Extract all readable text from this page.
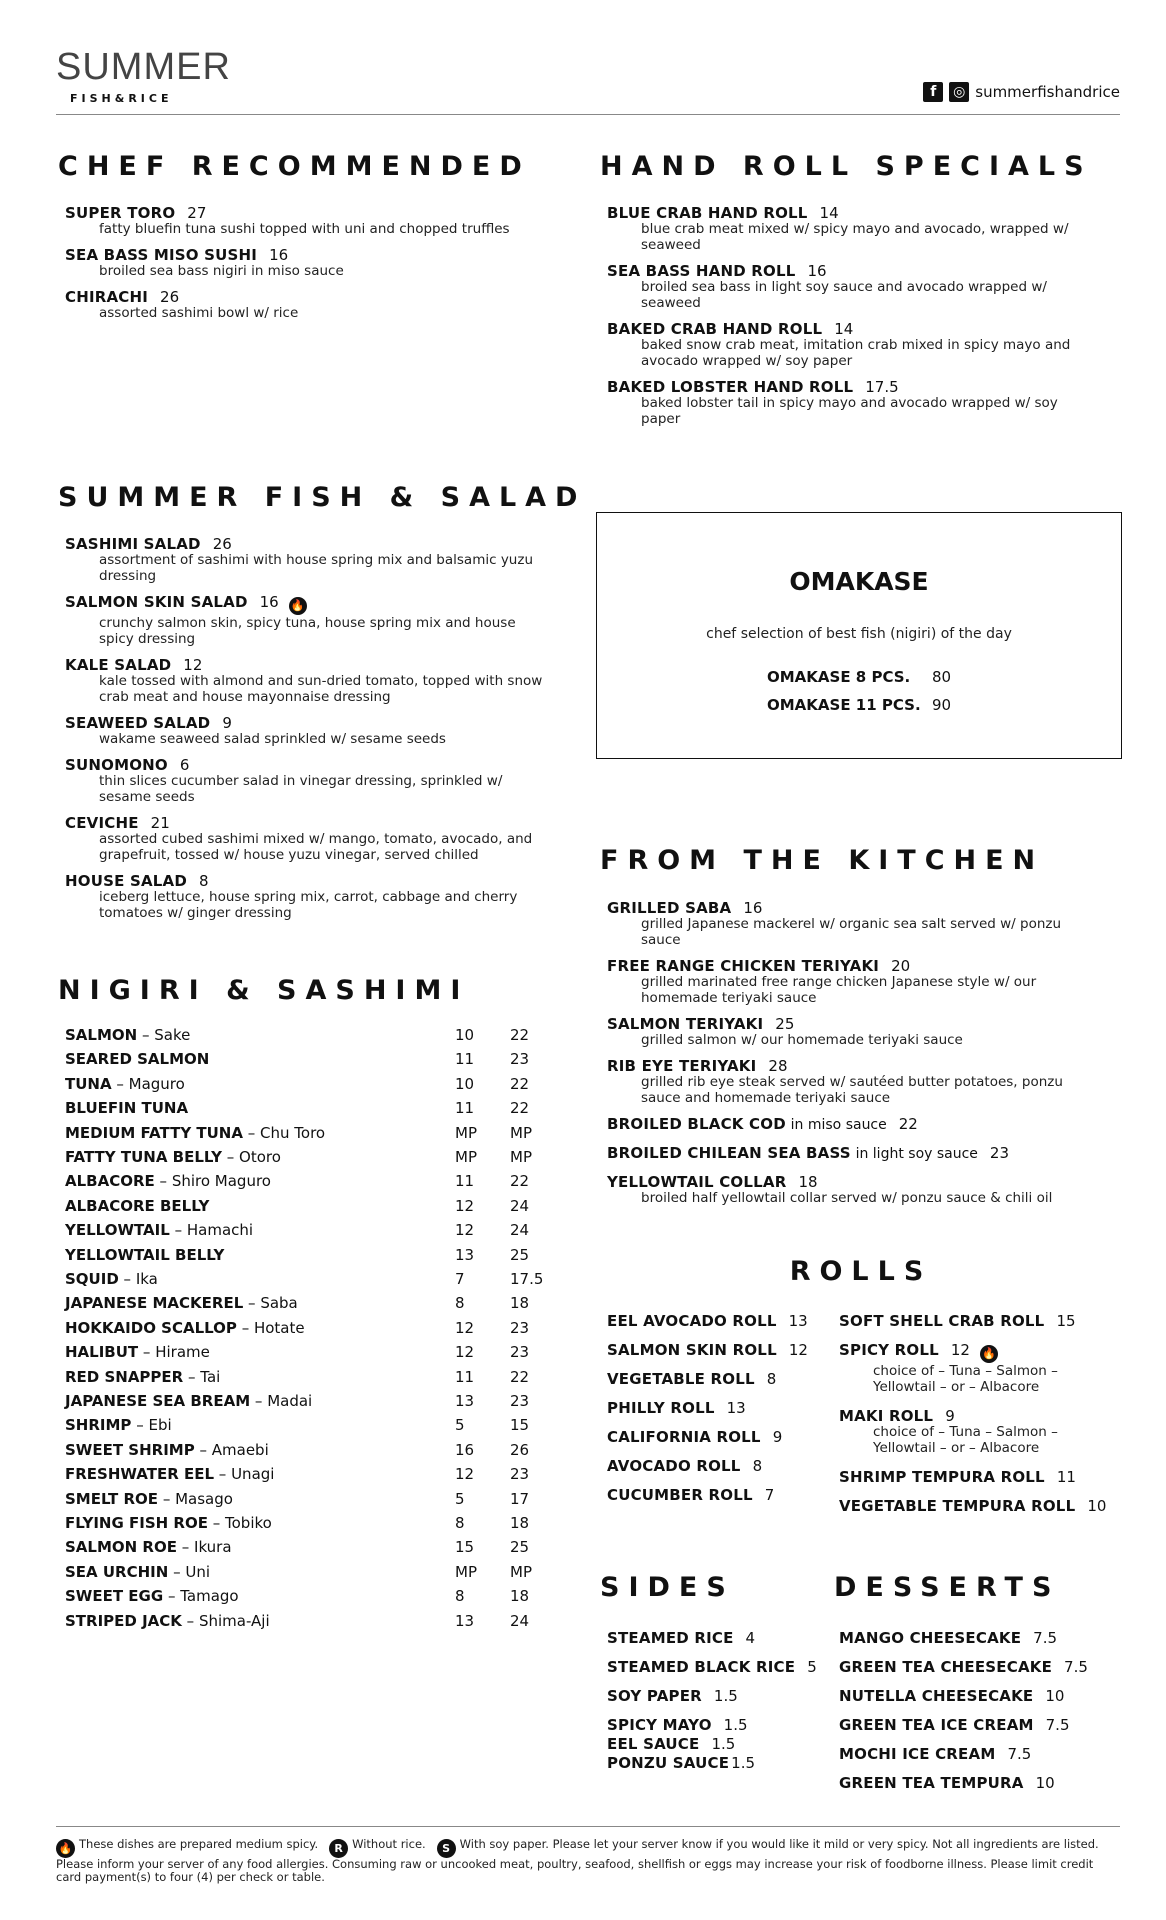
SUMMER
FISH&RICE	f	◎ summerfishandrice
CHEF RECOMMENDED
SUPER TORO 27
fatty bluefin tuna sushi topped with uni and chopped truffles
SEA BASS MISO SUSHI 16
broiled sea bass nigiri in miso sauce
CHIRACHI 26
assorted sashimi bowl w/ rice
HAND ROLL SPECIALS
BLUE CRAB HAND ROLL 14
blue crab meat mixed w/ spicy mayo and avocado, wrapped w/ seaweed
SEA BASS HAND ROLL 16
broiled sea bass in light soy sauce and avocado wrapped w/ seaweed
BAKED CRAB HAND ROLL 14
baked snow crab meat, imitation crab mixed in spicy mayo and avocado wrapped w/ soy paper
BAKED LOBSTER HAND ROLL 17.5
baked lobster tail in spicy mayo and avocado wrapped w/ soy paper
SUMMER FISH & SALAD
SASHIMI SALAD 26
assortment of sashimi with house spring mix and balsamic yuzu dressing
SALMON SKIN SALAD 16 🔥
crunchy salmon skin, spicy tuna, house spring mix and house spicy dressing
KALE SALAD 12
kale tossed with almond and sun-dried tomato, topped with snow crab meat and house mayonnaise dressing
SEAWEED SALAD 9
wakame seaweed salad sprinkled w/ sesame seeds
SUNOMONO 6
thin slices cucumber salad in vinegar dressing, sprinkled w/ sesame seeds
CEVICHE 21
assorted cubed sashimi mixed w/ mango, tomato, avocado, and grapefruit, tossed w/ house yuzu vinegar, served chilled
HOUSE SALAD 8
iceberg lettuce, house spring mix, carrot, cabbage and cherry tomatoes w/ ginger dressing
OMAKASE
chef selection of best fish (nigiri) of the day
OMAKASE 8 PCS. 80
OMAKASE 11 PCS. 90
NIGIRI & SASHIMI
SALMON – Sake	10 22
SEARED SALMON	11 23
TUNA – Maguro	10 22
BLUEFIN TUNA	11 22
MEDIUM FATTY TUNA – Chu Toro	MP MP
FATTY TUNA BELLY – Otoro	MP MP
ALBACORE – Shiro Maguro	11 22
ALBACORE BELLY	12 24
YELLOWTAIL – Hamachi	12 24
YELLOWTAIL BELLY	13 25
SQUID – Ika	7	17.5
JAPANESE MACKEREL – Saba	8	18
HOKKAIDO SCALLOP – Hotate	12 23
HALIBUT – Hirame	12 23
RED SNAPPER – Tai	11 22
JAPANESE SEA BREAM – Madai	13 23
SHRIMP – Ebi	5	15
SWEET SHRIMP – Amaebi	16 26
FRESHWATER EEL – Unagi	12 23
SMELT ROE – Masago	5	17
FLYING FISH ROE – Tobiko	8	18
SALMON ROE – Ikura	15 25
SEA URCHIN – Uni	MP MP
SWEET EGG – Tamago	8	18
STRIPED JACK – Shima-Aji	13 24
FROM THE KITCHEN
GRILLED SABA 16
grilled Japanese mackerel w/ organic sea salt served w/ ponzu sauce
FREE RANGE CHICKEN TERIYAKI 20
grilled marinated free range chicken Japanese style w/ our homemade teriyaki sauce
SALMON TERIYAKI 25
grilled salmon w/ our homemade teriyaki sauce
RIB EYE TERIYAKI 28
grilled rib eye steak served w/ sautéed butter potatoes, ponzu sauce and homemade teriyaki sauce
BROILED BLACK COD in miso sauce 22
BROILED CHILEAN SEA BASS in light soy sauce 23
YELLOWTAIL COLLAR 18
broiled half yellowtail collar served w/ ponzu sauce & chili oil
ROLLS
EEL AVOCADO ROLL 13
SALMON SKIN ROLL 12
VEGETABLE ROLL 8
PHILLY ROLL 13
CALIFORNIA ROLL 9
AVOCADO ROLL 8
CUCUMBER ROLL 7
SOFT SHELL CRAB ROLL 15
SPICY ROLL 12 🔥
choice of – Tuna – Salmon – Yellowtail – or – Albacore
MAKI ROLL 9
choice of – Tuna – Salmon – Yellowtail – or – Albacore
SHRIMP TEMPURA ROLL 11
VEGETABLE TEMPURA ROLL 10
SIDES
STEAMED RICE 4
STEAMED BLACK RICE 5
SOY PAPER 1.5
SPICY MAYO 1.5
EEL SAUCE 1.5
PONZU SAUCE 1.5
DESSERTS
MANGO CHEESECAKE 7.5
GREEN TEA CHEESECAKE 7.5
NUTELLA CHEESECAKE 10
GREEN TEA ICE CREAM 7.5
MOCHI ICE CREAM 7.5
GREEN TEA TEMPURA 10
🔥 These dishes are prepared medium spicy. R Without rice. S With soy paper. Please let your server know if you would like it mild or very spicy. Not all ingredients are listed. Please inform your server of any food allergies. Consuming raw or uncooked meat, poultry, seafood, shellfish or eggs may increase your risk of foodborne illness. Please limit credit card payment(s) to four (4) per check or table.
